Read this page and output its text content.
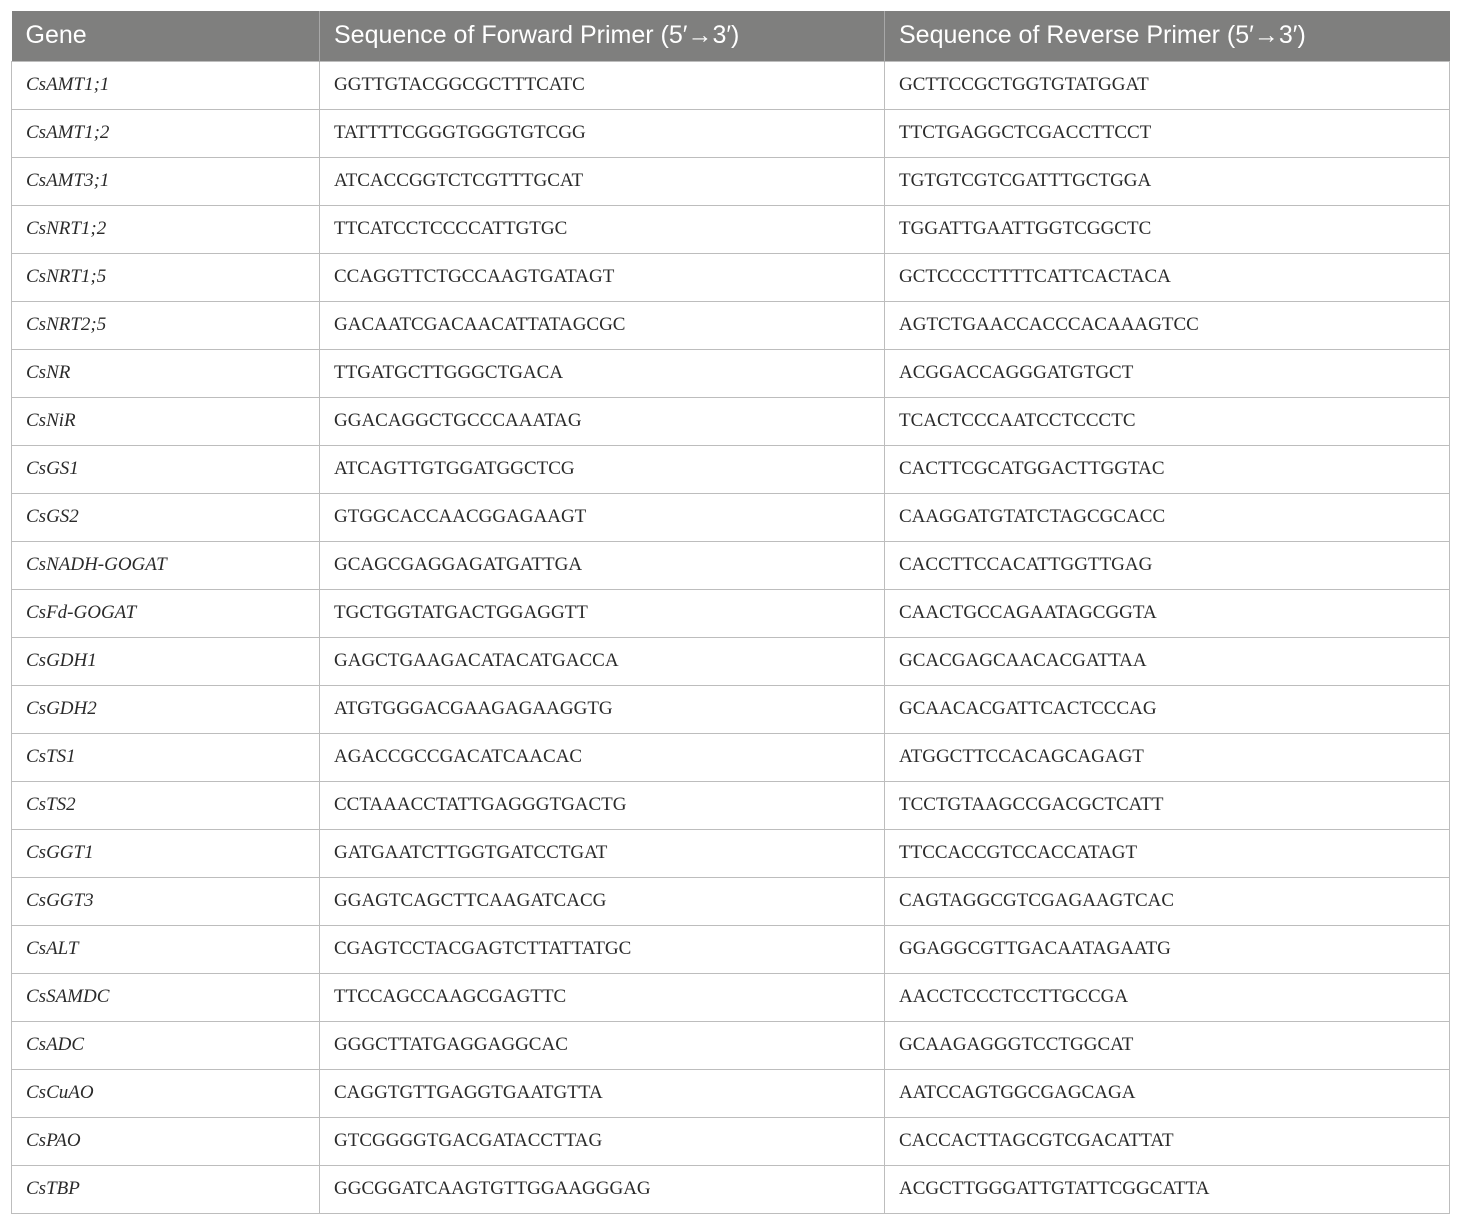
Gene	Sequence of Forward Primer (5′→3′)	Sequence of Reverse Primer (5′→3′)
CsAMT1;1	GGTTGTACGGCGCTTTCATC	GCTTCCGCTGGTGTATGGAT
CsAMT1;2	TATTTTCGGGTGGGTGTCGG	TTCTGAGGCTCGACCTTCCT
CsAMT3;1	ATCACCGGTCTCGTTTGCAT	TGTGTCGTCGATTTGCTGGA
CsNRT1;2	TTCATCCTCCCCATTGTGC	TGGATTGAATTGGTCGGCTC
CsNRT1;5	CCAGGTTCTGCCAAGTGATAGT	GCTCCCCTTTTCATTCACTACA
CsNRT2;5	GACAATCGACAACATTATAGCGC	AGTCTGAACCACCCACAAAGTCC
CsNR	TTGATGCTTGGGCTGACA	ACGGACCAGGGATGTGCT
CsNiR	GGACAGGCTGCCCAAATAG	TCACTCCCAATCCTCCCTC
CsGS1	ATCAGTTGTGGATGGCTCG	CACTTCGCATGGACTTGGTAC
CsGS2	GTGGCACCAACGGAGAAGT	CAAGGATGTATCTAGCGCACC
CsNADH-GOGAT	GCAGCGAGGAGATGATTGA	CACCTTCCACATTGGTTGAG
CsFd-GOGAT	TGCTGGTATGACTGGAGGTT	CAACTGCCAGAATAGCGGTA
CsGDH1	GAGCTGAAGACATACATGACCA	GCACGAGCAACACGATTAA
CsGDH2	ATGTGGGACGAAGAGAAGGTG	GCAACACGATTCACTCCCAG
CsTS1	AGACCGCCGACATCAACAC	ATGGCTTCCACAGCAGAGT
CsTS2	CCTAAACCTATTGAGGGTGACTG	TCCTGTAAGCCGACGCTCATT
CsGGT1	GATGAATCTTGGTGATCCTGAT	TTCCACCGTCCACCATAGT
CsGGT3	GGAGTCAGCTTCAAGATCACG	CAGTAGGCGTCGAGAAGTCAC
CsALT	CGAGTCCTACGAGTCTTATTATGC	GGAGGCGTTGACAATAGAATG
CsSAMDC	TTCCAGCCAAGCGAGTTC	AACCTCCCTCCTTGCCGA
CsADC	GGGCTTATGAGGAGGCAC	GCAAGAGGGTCCTGGCAT
CsCuAO	CAGGTGTTGAGGTGAATGTTA	AATCCAGTGGCGAGCAGA
CsPAO	GTCGGGGTGACGATACCTTAG	CACCACTTAGCGTCGACATTAT
CsTBP	GGCGGATCAAGTGTTGGAAGGGAG	ACGCTTGGGATTGTATTCGGCATTA
